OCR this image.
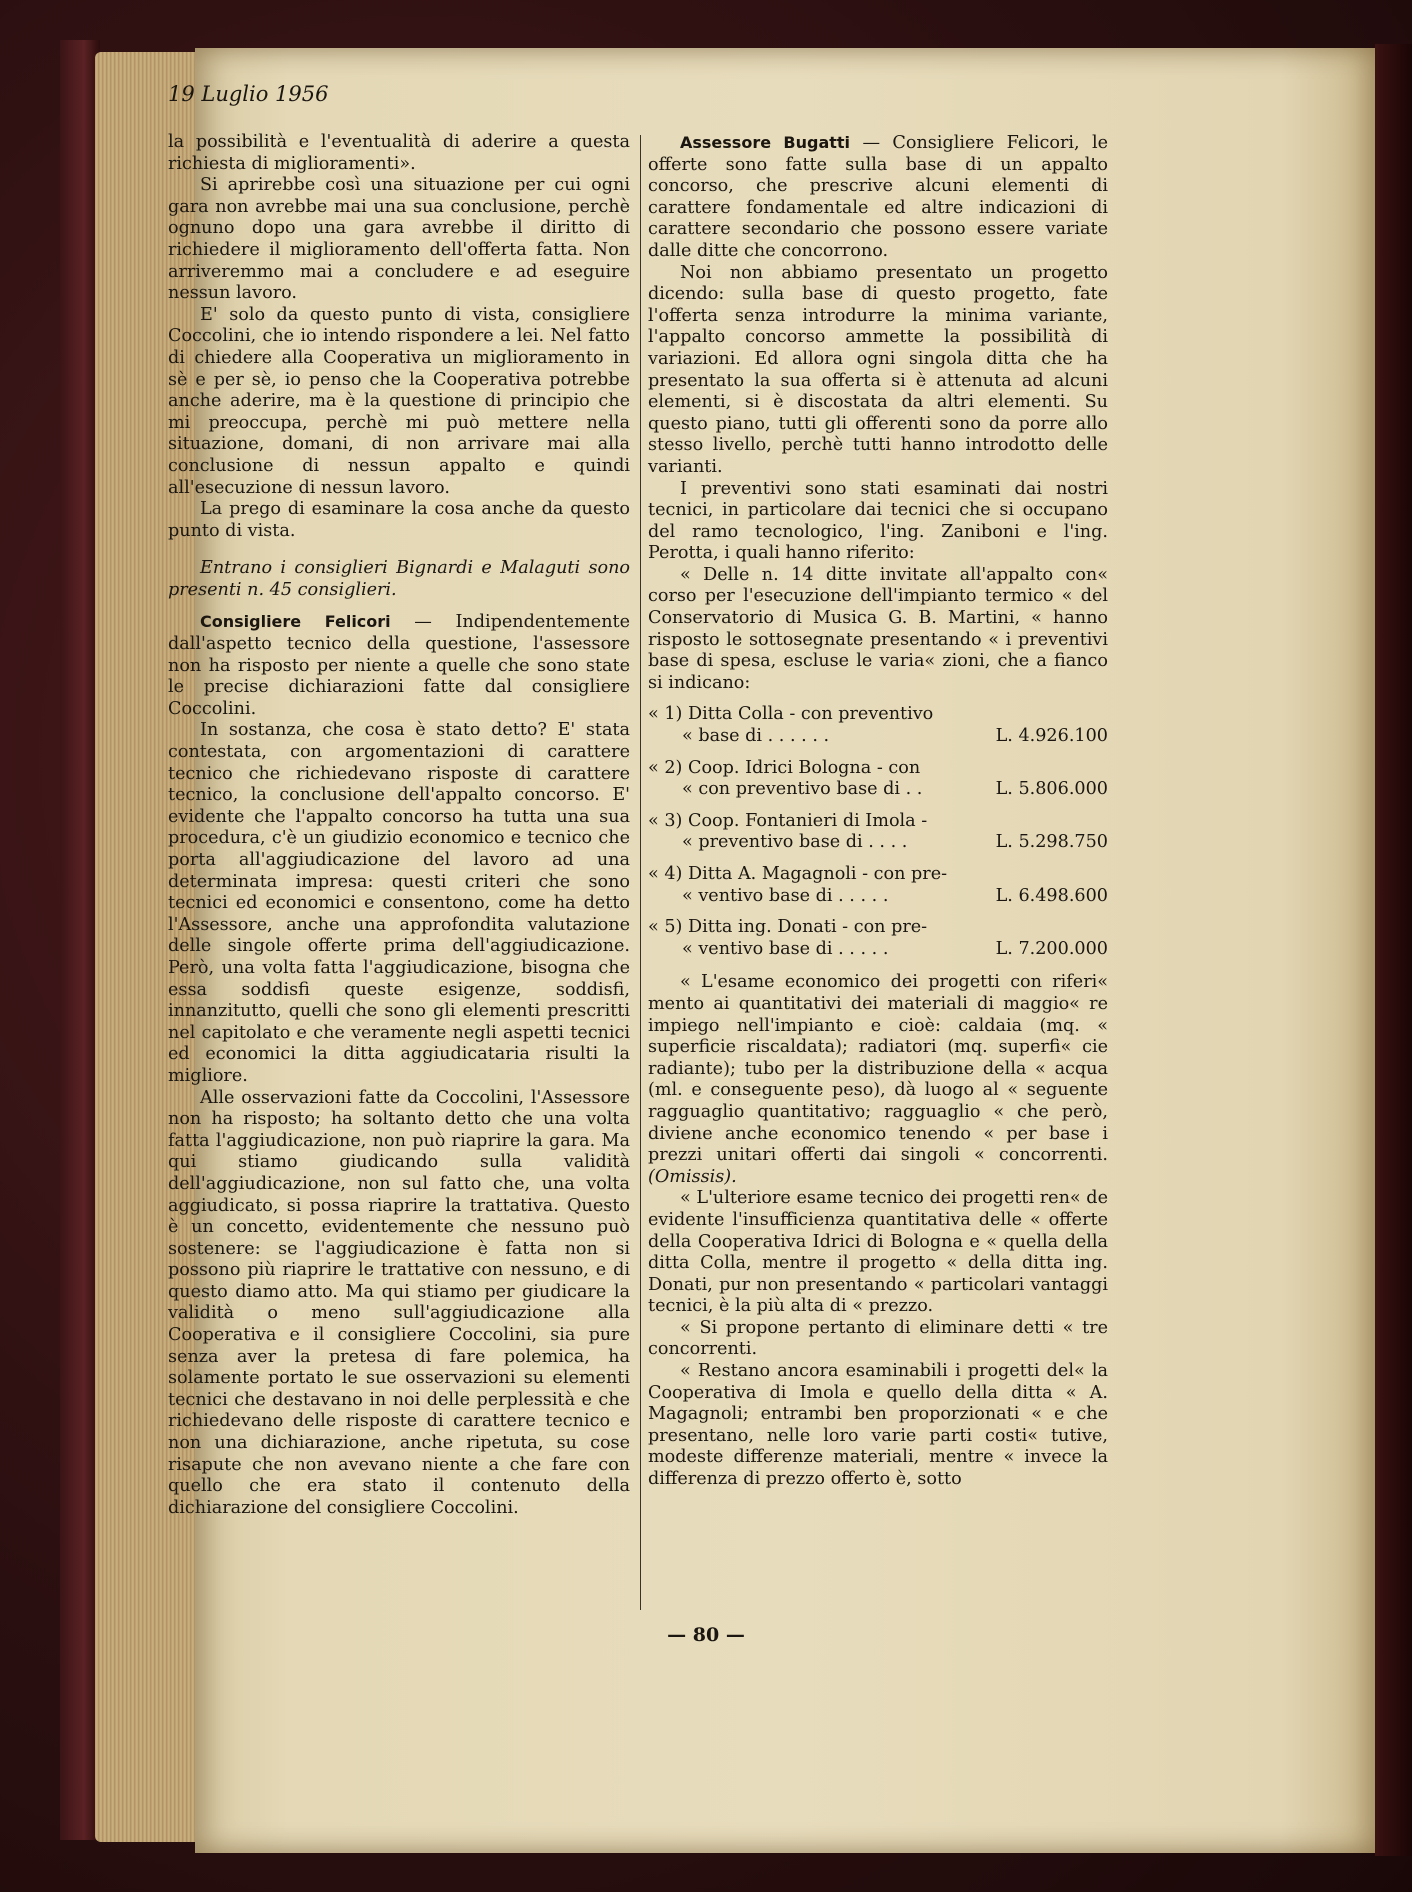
19 Luglio 1956

la possibilità e l'eventualità di aderire a questa richiesta di miglioramenti».

Si aprirebbe così una situazione per cui ogni gara non avrebbe mai una sua conclusione, perchè ognuno dopo una gara avrebbe il diritto di richiedere il miglioramento dell'offerta fatta. Non arriveremmo mai a concludere e ad eseguire nessun lavoro.

E' solo da questo punto di vista, consigliere Coccolini, che io intendo rispondere a lei. Nel fatto di chiedere alla Cooperativa un miglioramento in sè e per sè, io penso che la Cooperativa potrebbe anche aderire, ma è la questione di principio che mi preoccupa, perchè mi può mettere nella situazione, domani, di non arrivare mai alla conclusione di nessun appalto e quindi all'esecuzione di nessun lavoro.

La prego di esaminare la cosa anche da questo punto di vista.

Entrano i consiglieri Bignardi e Malaguti sono presenti n. 45 consiglieri.

Consigliere Felicori — Indipendentemente dall'aspetto tecnico della questione, l'assessore non ha risposto per niente a quelle che sono state le precise dichiarazioni fatte dal consigliere Coccolini.

In sostanza, che cosa è stato detto? E' stata contestata, con argomentazioni di carattere tecnico che richiedevano risposte di carattere tecnico, la conclusione dell'appalto concorso. E' evidente che l'appalto concorso ha tutta una sua procedura, c'è un giudizio economico e tecnico che porta all'aggiudicazione del lavoro ad una determinata impresa: questi criteri che sono tecnici ed economici e consentono, come ha detto l'Assessore, anche una approfondita valutazione delle singole offerte prima dell'aggiudicazione. Però, una volta fatta l'aggiudicazione, bisogna che essa soddisfi queste esigenze, soddisfi, innanzitutto, quelli che sono gli elementi prescritti nel capitolato e che veramente negli aspetti tecnici ed economici la ditta aggiudicataria risulti la migliore.

Alle osservazioni fatte da Coccolini, l'Assessore non ha risposto; ha soltanto detto che una volta fatta l'aggiudicazione, non può riaprire la gara. Ma qui stiamo giudicando sulla validità dell'aggiudicazione, non sul fatto che, una volta aggiudicato, si possa riaprire la trattativa. Questo è un concetto, evidentemente che nessuno può sostenere: se l'aggiudicazione è fatta non si possono più riaprire le trattative con nessuno, e di questo diamo atto. Ma qui stiamo per giudicare la validità o meno sull'aggiudicazione alla Cooperativa e il consigliere Coccolini, sia pure senza aver la pretesa di fare polemica, ha solamente portato le sue osservazioni su elementi tecnici che destavano in noi delle perplessità e che richiedevano delle risposte di carattere tecnico e non una dichiarazione, anche ripetuta, su cose risapute che non avevano niente a che fare con quello che era stato il contenuto della dichiarazione del consigliere Coccolini.

Assessore Bugatti — Consigliere Felicori, le offerte sono fatte sulla base di un appalto concorso, che prescrive alcuni elementi di carattere fondamentale ed altre indicazioni di carattere secondario che possono essere variate dalle ditte che concorrono.

Noi non abbiamo presentato un progetto dicendo: sulla base di questo progetto, fate l'offerta senza introdurre la minima variante, l'appalto concorso ammette la possibilità di variazioni. Ed allora ogni singola ditta che ha presentato la sua offerta si è attenuta ad alcuni elementi, si è discostata da altri elementi. Su questo piano, tutti gli offerenti sono da porre allo stesso livello, perchè tutti hanno introdotto delle varianti.

I preventivi sono stati esaminati dai nostri tecnici, in particolare dai tecnici che si occupano del ramo tecnologico, l'ing. Zaniboni e l'ing. Perotta, i quali hanno riferito:

« Delle n. 14 ditte invitate all'appalto con« corso per l'esecuzione dell'impianto termico « del Conservatorio di Musica G. B. Martini, « hanno risposto le sottosegnate presentando « i preventivi base di spesa, escluse le varia« zioni, che a fianco si indicano:

« 1) Ditta Colla - con preventivo
« base di . . . . . .	L. 4.926.100
« 2) Coop. Idrici Bologna - con
« con preventivo base di . .	L. 5.806.000
« 3) Coop. Fontanieri di Imola -
« preventivo base di . . . .	L. 5.298.750
« 4) Ditta A. Magagnoli - con pre-
« ventivo base di . . . . .	L. 6.498.600
« 5) Ditta ing. Donati - con pre-
« ventivo base di . . . . .	L. 7.200.000

« L'esame economico dei progetti con riferi« mento ai quantitativi dei materiali di maggio« re impiego nell'impianto e cioè: caldaia (mq. « superficie riscaldata); radiatori (mq. superfi« cie radiante); tubo per la distribuzione della « acqua (ml. e conseguente peso), dà luogo al « seguente ragguaglio quantitativo; ragguaglio « che però, diviene anche economico tenendo « per base i prezzi unitari offerti dai singoli « concorrenti. (Omissis).

« L'ulteriore esame tecnico dei progetti ren« de evidente l'insufficienza quantitativa delle « offerte della Cooperativa Idrici di Bologna e « quella della ditta Colla, mentre il progetto « della ditta ing. Donati, pur non presentando « particolari vantaggi tecnici, è la più alta di « prezzo.

« Si propone pertanto di eliminare detti « tre concorrenti.

« Restano ancora esaminabili i progetti del« la Cooperativa di Imola e quello della ditta « A. Magagnoli; entrambi ben proporzionati « e che presentano, nelle loro varie parti costi« tutive, modeste differenze materiali, mentre « invece la differenza di prezzo offerto è, sotto

— 80 —
